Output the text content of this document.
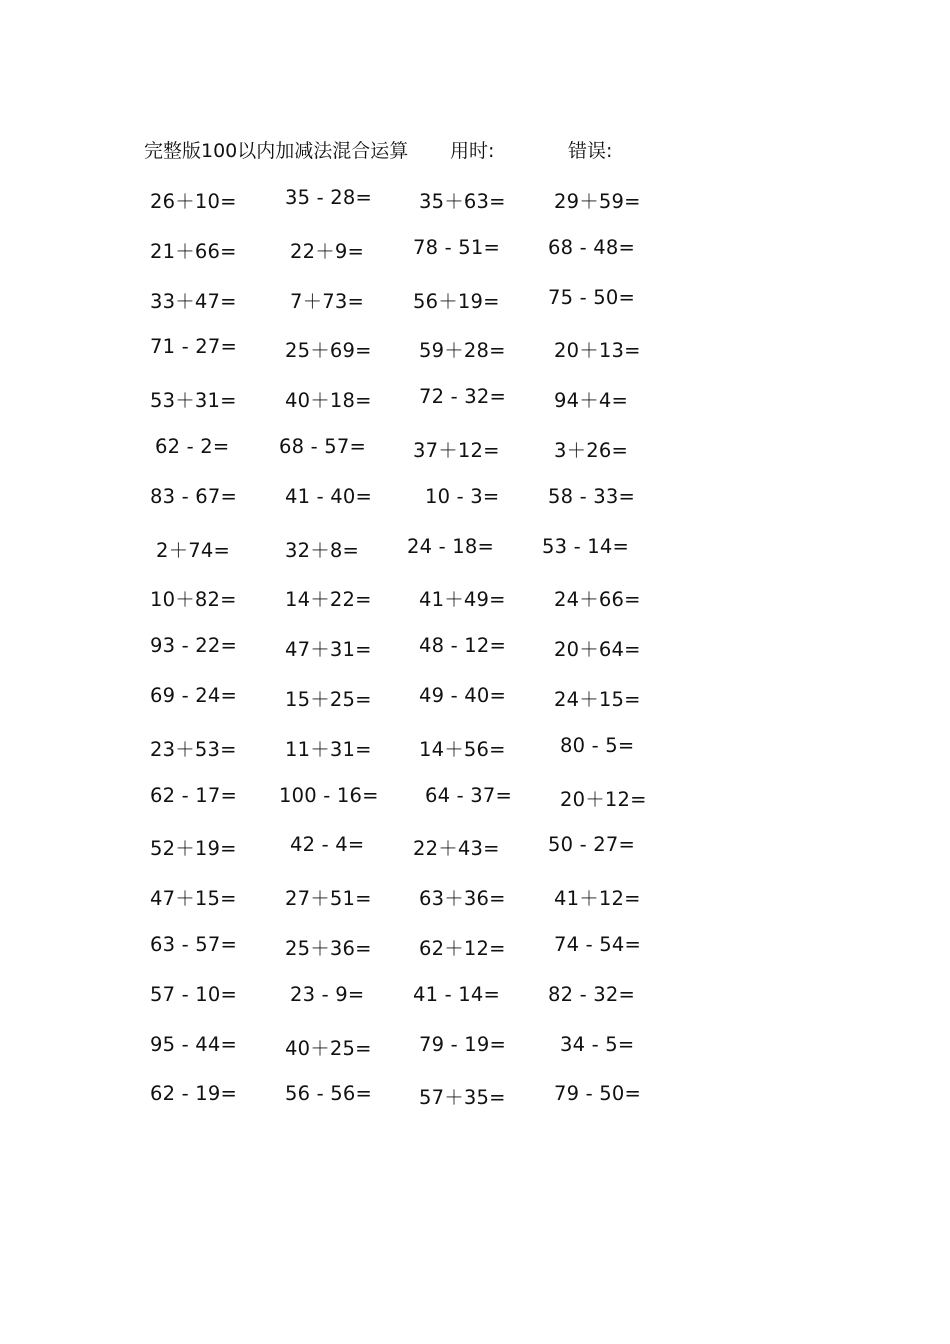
完整版100以内加减法混合运算 用时:	错误:
26＋10= 35 - 28= 35＋63= 29＋59=
21＋66=	22＋9=	78 - 51= 68 - 48=
33＋47=	7＋73=	56＋19= 75 - 50=
71 - 27= 25＋69= 59＋28= 20＋13=
53＋31= 40＋18= 72 - 32= 94＋4=
62 - 2=	68 - 57= 37＋12=	3＋26=
83 - 67= 41 - 40=	10 - 3= 58 - 33=
2＋74=	32＋8= 24 - 18= 53 - 14=
10＋82= 14＋22= 41＋49= 24＋66=
93 - 22= 47＋31= 48 - 12= 20＋64=
69 - 24= 15＋25= 49 - 40= 24＋15=
23＋53= 11＋31= 14＋56=	80 - 5=
62 - 17= 100 - 16= 64 - 37= 20＋12=
52＋19=	42 - 4= 22＋43= 50 - 27=
47＋15= 27＋51= 63＋36= 41＋12=
63 - 57= 25＋36= 62＋12= 74 - 54=
57 - 10=	23 - 9= 41 - 14= 82 - 32=
95 - 44= 40＋25= 79 - 19=	34 - 5=
62 - 19= 56 - 56= 57＋35= 79 - 50=
